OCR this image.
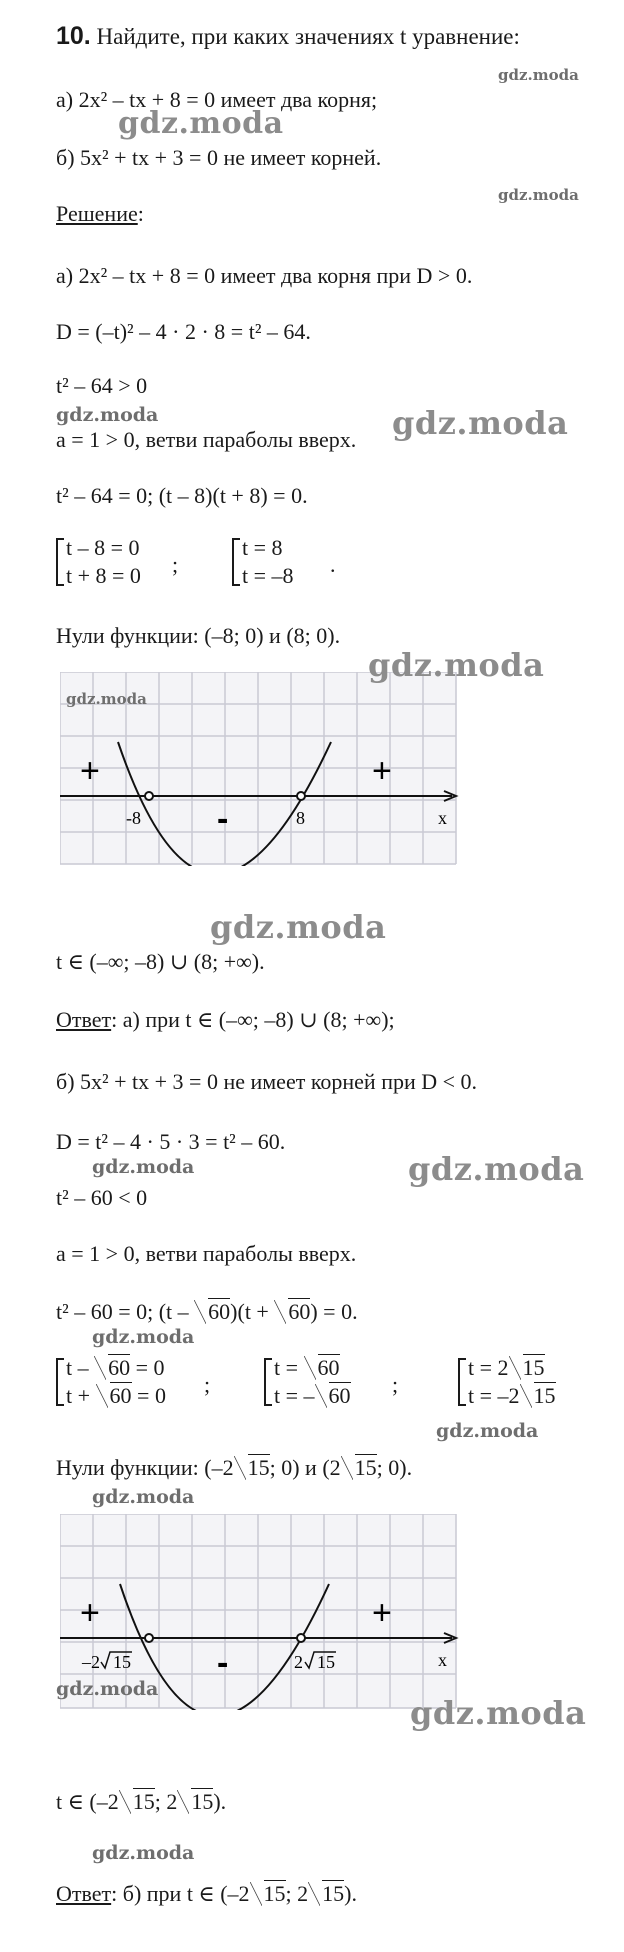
10. Найдите, при каких значениях t уравнение:
а) 2x² – tx + 8 = 0 имеет два корня;
б) 5x² + tx + 3 = 0 не имеет корней.
Решение:
а) 2x² – tx + 8 = 0 имеет два корня при D > 0.
D = (–t)² – 4 · 2 · 8 = t² – 64.
t² – 64 > 0
a = 1 > 0, ветви параболы вверх.
t² – 64 = 0; (t – 8)(t + 8) = 0.
t – 8 = 0
t + 8 = 0 ;
t = 8
t = –8 .
Нули функции: (–8; 0) и (8; 0).
+	+
-
-8	8	x
t ∈ (–∞; –8) ∪ (8; +∞).
Ответ: а) при t ∈ (–∞; –8) ∪ (8; +∞);
б) 5x² + tx + 3 = 0 не имеет корней при D < 0.
D = t² – 4 · 5 · 3 = t² – 60.
t² – 60 < 0
a = 1 > 0, ветви параболы вверх.
t² – 60 = 0; (t – 60)(t + 60) = 0.
t – 60 = 0
t + 60 = 0 ;
t = 60
t = – 60 ;
t = 2 15
t = –2 15
Нули функции: (–2 15; 0) и (2 15; 0).
+	+
-
–2 15	2 15	x
t ∈ (–2 15; 2 15).
Ответ: б) при t ∈ (–2 15; 2 15).
gdz.moda
gdz.moda
gdz.moda
gdz.moda	gdz.moda
gdz.moda
gdz.moda
gdz.moda
gdz.moda
gdz.moda
gdz.moda
gdz.moda
gdz.moda
gdz.moda
gdz.moda
gdz.moda
